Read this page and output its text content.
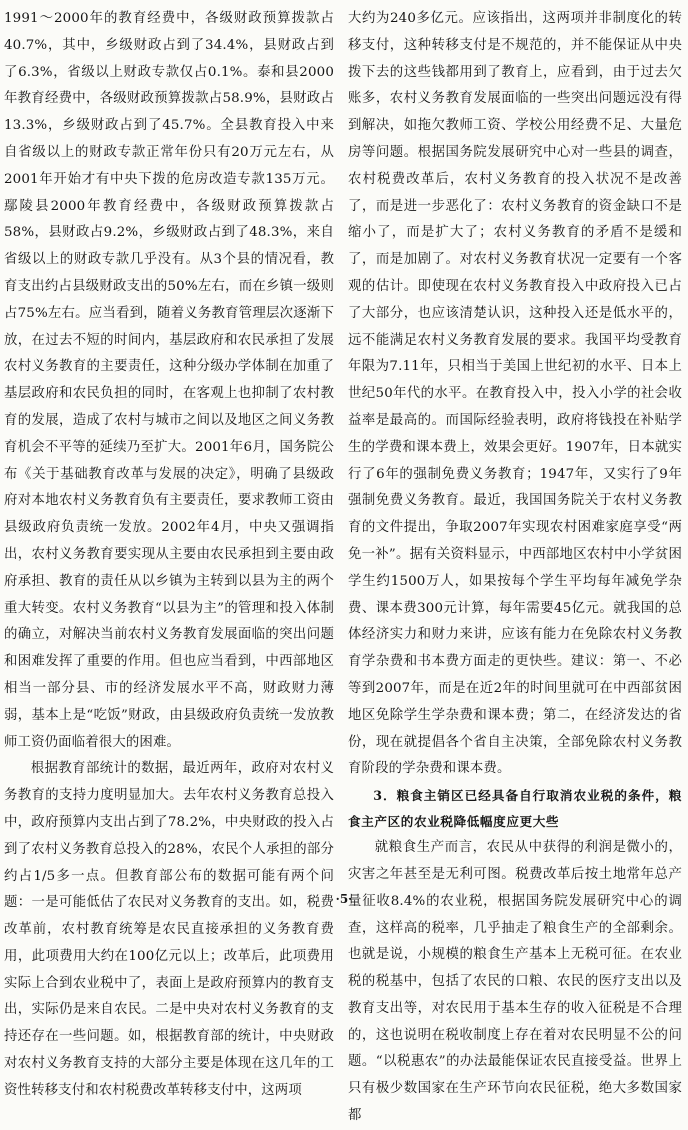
1991～2000年的教育经费中，各级财政预算拨款占40.7%，其中，乡级财政占到了34.4%，县财政占到了6.3%，省级以上财政专款仅占0.1%。泰和县2000年教育经费中，各级财政预算拨款占58.9%，县财政占13.3%，乡级财政占到了45.7%。全县教育投入中来自省级以上的财政专款正常年份只有20万元左右，从2001年开始才有中央下拨的危房改造专款135万元。鄢陵县2000年教育经费中，各级财政预算拨款占58%，县财政占9.2%，乡级财政占到了48.3%，来自省级以上的财政专款几乎没有。从3个县的情况看，教育支出约占县级财政支出的50%左右，而在乡镇一级则占75%左右。应当看到，随着义务教育管理层次逐渐下放，在过去不短的时间内，基层政府和农民承担了发展农村义务教育的主要责任，这种分级办学体制在加重了基层政府和农民负担的同时，在客观上也抑制了农村教育的发展，造成了农村与城市之间以及地区之间义务教育机会不平等的延续乃至扩大。2001年6月，国务院公布《关于基础教育改革与发展的决定》，明确了县级政府对本地农村义务教育负有主要责任，要求教师工资由县级政府负责统一发放。2002年4月，中央又强调指出，农村义务教育要实现从主要由农民承担到主要由政府承担、教育的责任从以乡镇为主转到以县为主的两个重大转变。农村义务教育“以县为主”的管理和投入体制的确立，对解决当前农村义务教育发展面临的突出问题和困难发挥了重要的作用。但也应当看到，中西部地区相当一部分县、市的经济发展水平不高，财政财力薄弱，基本上是“吃饭”财政，由县级政府负责统一发放教师工资仍面临着很大的困难。

根据教育部统计的数据，最近两年，政府对农村义务教育的支持力度明显加大。去年农村义务教育总投入中，政府预算内支出占到了78.2%，中央财政的投入占到了农村义务教育总投入的28%，农民个人承担的部分约占1/5多一点。但教育部公布的数据可能有两个问题：一是可能低估了农民对义务教育的支出。如，税费改革前，农村教育统筹是农民直接承担的义务教育费用，此项费用大约在100亿元以上；改革后，此项费用实际上合到农业税中了，表面上是政府预算内的教育支出，实际仍是来自农民。二是中央对农村义务教育的支持还存在一些问题。如，根据教育部的统计，中央财政对农村义务教育支持的大部分主要是体现在这几年的工资性转移支付和农村税费改革转移支付中，这两项

大约为240多亿元。应该指出，这两项并非制度化的转移支付，这种转移支付是不规范的，并不能保证从中央拨下去的这些钱都用到了教育上，应看到，由于过去欠账多，农村义务教育发展面临的一些突出问题远没有得到解决，如拖欠教师工资、学校公用经费不足、大量危房等问题。根据国务院发展研究中心对一些县的调查，农村税费改革后，农村义务教育的投入状况不是改善了，而是进一步恶化了：农村义务教育的资金缺口不是缩小了，而是扩大了；农村义务教育的矛盾不是缓和了，而是加剧了。对农村义务教育状况一定要有一个客观的估计。即使现在农村义务教育投入中政府投入已占了大部分，也应该清楚认识，这种投入还是低水平的，远不能满足农村义务教育发展的要求。我国平均受教育年限为7.11年，只相当于美国上世纪初的水平、日本上世纪50年代的水平。在教育投入中，投入小学的社会收益率是最高的。而国际经验表明，政府将钱投在补贴学生的学费和课本费上，效果会更好。1907年，日本就实行了6年的强制免费义务教育；1947年，又实行了9年强制免费义务教育。最近，我国国务院关于农村义务教育的文件提出，争取2007年实现农村困难家庭享受“两免一补”。据有关资料显示，中西部地区农村中小学贫困学生约1500万人，如果按每个学生平均每年减免学杂费、课本费300元计算，每年需要45亿元。就我国的总体经济实力和财力来讲，应该有能力在免除农村义务教育学杂费和书本费方面走的更快些。建议：第一、不必等到2007年，而是在近2年的时间里就可在中西部贫困地区免除学生学杂费和课本费；第二，在经济发达的省份，现在就提倡各个省自主决策，全部免除农村义务教育阶段的学杂费和课本费。

3．粮食主销区已经具备自行取消农业税的条件，粮食主产区的农业税降低幅度应更大些

就粮食生产而言，农民从中获得的利润是微小的，灾害之年甚至是无利可图。税费改革后按土地常年总产量征收8.4%的农业税，根据国务院发展研究中心的调查，这样高的税率，几乎抽走了粮食生产的全部剩余。也就是说，小规模的粮食生产基本上无税可征。在农业税的税基中，包括了农民的口粮、农民的医疗支出以及教育支出等，对农民用于基本生存的收入征税是不合理的，这也说明在税收制度上存在着对农民明显不公的问题。“以税惠农”的办法最能保证农民直接受益。世界上只有极少数国家在生产环节向农民征税，绝大多数国家都

·5·
